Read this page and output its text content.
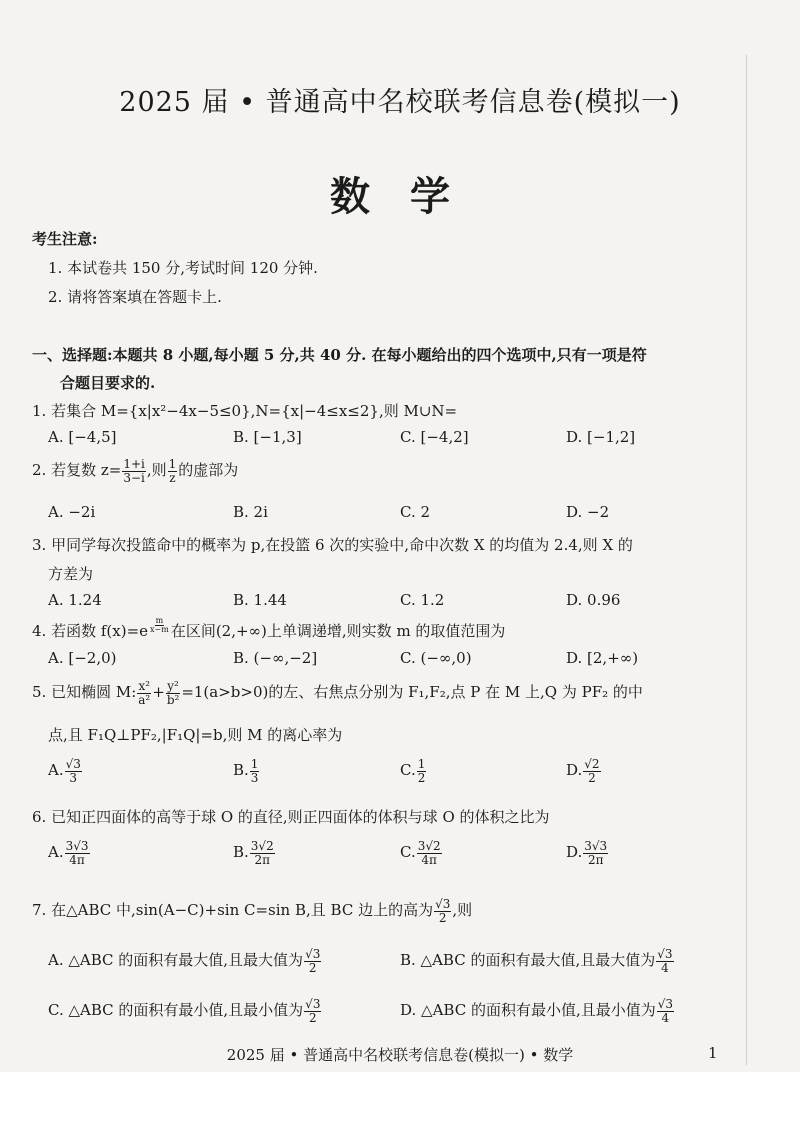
2025 届 • 普通高中名校联考信息卷(模拟一)
数学
考生注意:
1. 本试卷共 150 分,考试时间 120 分钟.
2. 请将答案填在答题卡上.
一、选择题:本题共 8 小题,每小题 5 分,共 40 分. 在每小题给出的四个选项中,只有一项是符
合题目要求的.
1. 若集合 M={x|x²−4x−5≤0},N={x|−4≤x≤2},则 M∪N=
A. [−4,5]	B. [−1,3]	C. [−4,2]	D. [−1,2]
2. 若复数 $z= \frac{1+i}{3-i}$ ,则 $\frac{1}{z}$ 的虚部为
A. −2i	B. 2i	C. 2	D. −2
3. 甲同学每次投篮命中的概率为 p,在投篮 6 次的实验中,命中次数 X 的均值为 2.4,则 X 的
方差为
A. 1.24	B. 1.44	C. 1.2	D. 0.96
4. 若函数 $f(x)=e \frac{m}{x-m}$ 在区间(2,+∞)上单调递增,则实数 m 的取值范围为
A. [−2,0)	B. (−∞,−2]	C. (−∞,0)	D. [2,+∞)
5. 已知椭圆 M: $\frac{\text{x²}}{\text{a²}} + \frac{\text{y²}}{\text{b²}} =1(a>b>0)$的左、右焦点分别为 F₁,F₂,点 P 在 M 上,Q 为 PF₂ 的中
点,且 F₁Q⊥PF₂,|F₁Q|=b,则 M 的离心率为
A. $\frac{√3}{3}$	B. $\frac{1}{3}$	C. $\frac{1}{2}$	D. $\frac{√2}{2}$
6. 已知正四面体的高等于球 O 的直径,则正四面体的体积与球 O 的体积之比为
A. $\frac{3√3}{4\pi}$	B. $\frac{3√2}{2\pi}$	C. $\frac{3√2}{4\pi}$	D. $\frac{3√3}{2\pi}$
7. 在△ABC 中,sin(A−C)+sin C=sin B,且 BC 边上的高为 $\frac{√3}{2}$ ,则
A. △ABC 的面积有最大值,且最大值为 $\frac{√3}{2}$	B. △ABC 的面积有最大值,且最大值为 $\frac{√3}{4}$
C. △ABC 的面积有最小值,且最小值为 $\frac{√3}{2}$	D. △ABC 的面积有最小值,且最小值为 $\frac{√3}{4}$
2025 届 • 普通高中名校联考信息卷(模拟一) • 数学	1
